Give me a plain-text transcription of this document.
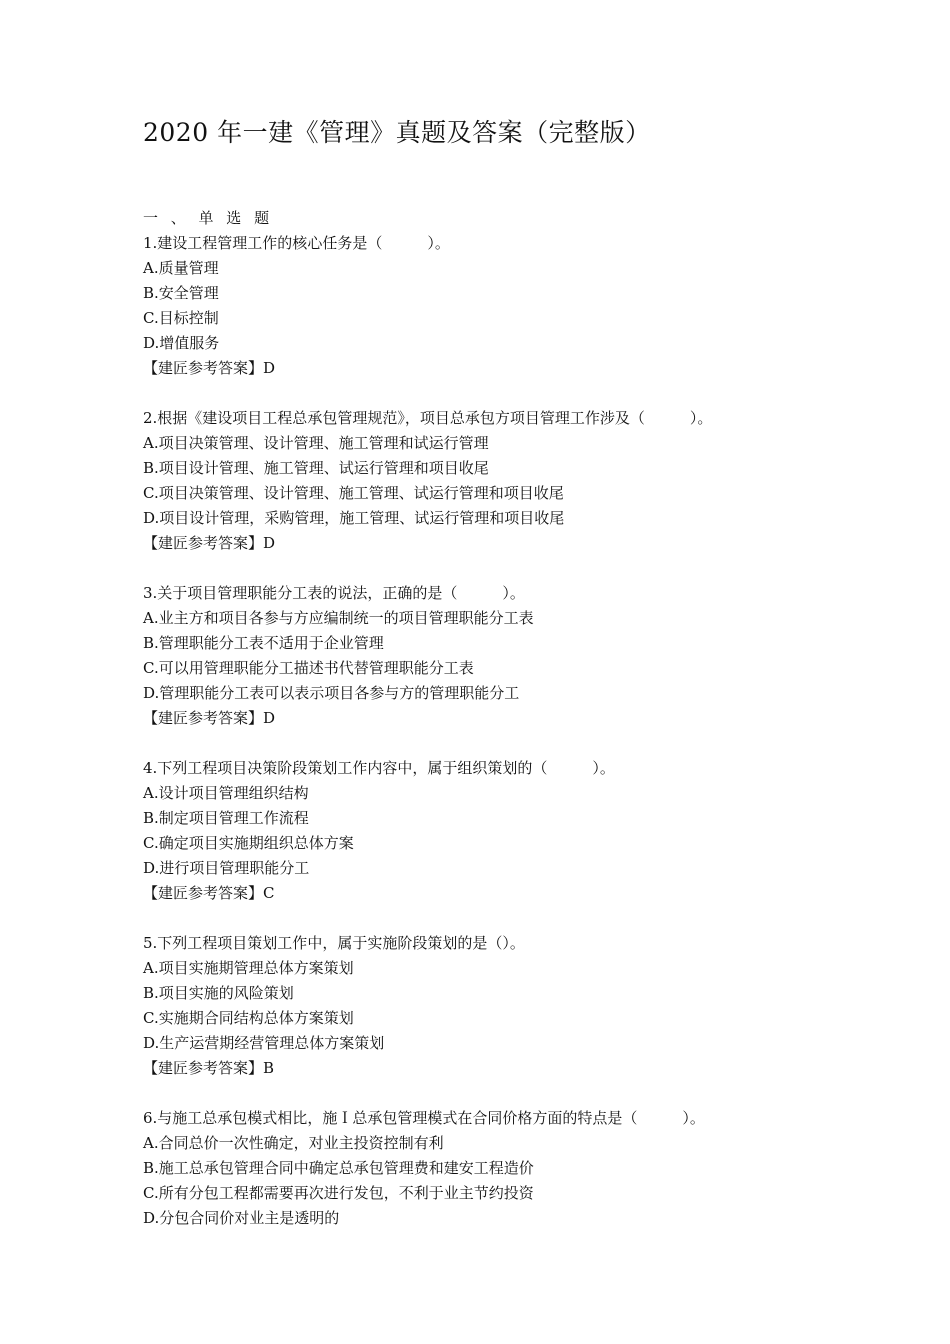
2020 年一建《管理》真题及答案（完整版）
一 、 单 选 题
1.建设工程管理工作的核心任务是（　　　）。
A.质量管理
B.安全管理
C.目标控制
D.增值服务
【建匠参考答案】D
2.根据《建设项目工程总承包管理规范》，项目总承包方项目管理工作涉及（　　　）。
A.项目决策管理、设计管理、施工管理和试运行管理
B.项目设计管理、施工管理、试运行管理和项目收尾
C.项目决策管理、设计管理、施工管理、试运行管理和项目收尾
D.项目设计管理，采购管理，施工管理、试运行管理和项目收尾
【建匠参考答案】D
3.关于项目管理职能分工表的说法，正确的是（　　　）。
A.业主方和项目各参与方应编制统一的项目管理职能分工表
B.管理职能分工表不适用于企业管理
C.可以用管理职能分工描述书代替管理职能分工表
D.管理职能分工表可以表示项目各参与方的管理职能分工
【建匠参考答案】D
4.下列工程项目决策阶段策划工作内容中，属于组织策划的（　　　）。
A.设计项目管理组织结构
B.制定项目管理工作流程
C.确定项目实施期组织总体方案
D.进行项目管理职能分工
【建匠参考答案】C
5.下列工程项目策划工作中，属于实施阶段策划的是（）。
A.项目实施期管理总体方案策划
B.项目实施的风险策划
C.实施期合同结构总体方案策划
D.生产运营期经营管理总体方案策划
【建匠参考答案】B
6.与施工总承包模式相比，施Ｉ总承包管理模式在合同价格方面的特点是（　　　）。
A.合同总价一次性确定，对业主投资控制有利
B.施工总承包管理合同中确定总承包管理费和建安工程造价
C.所有分包工程都需要再次进行发包，不利于业主节约投资
D.分包合同价对业主是透明的
